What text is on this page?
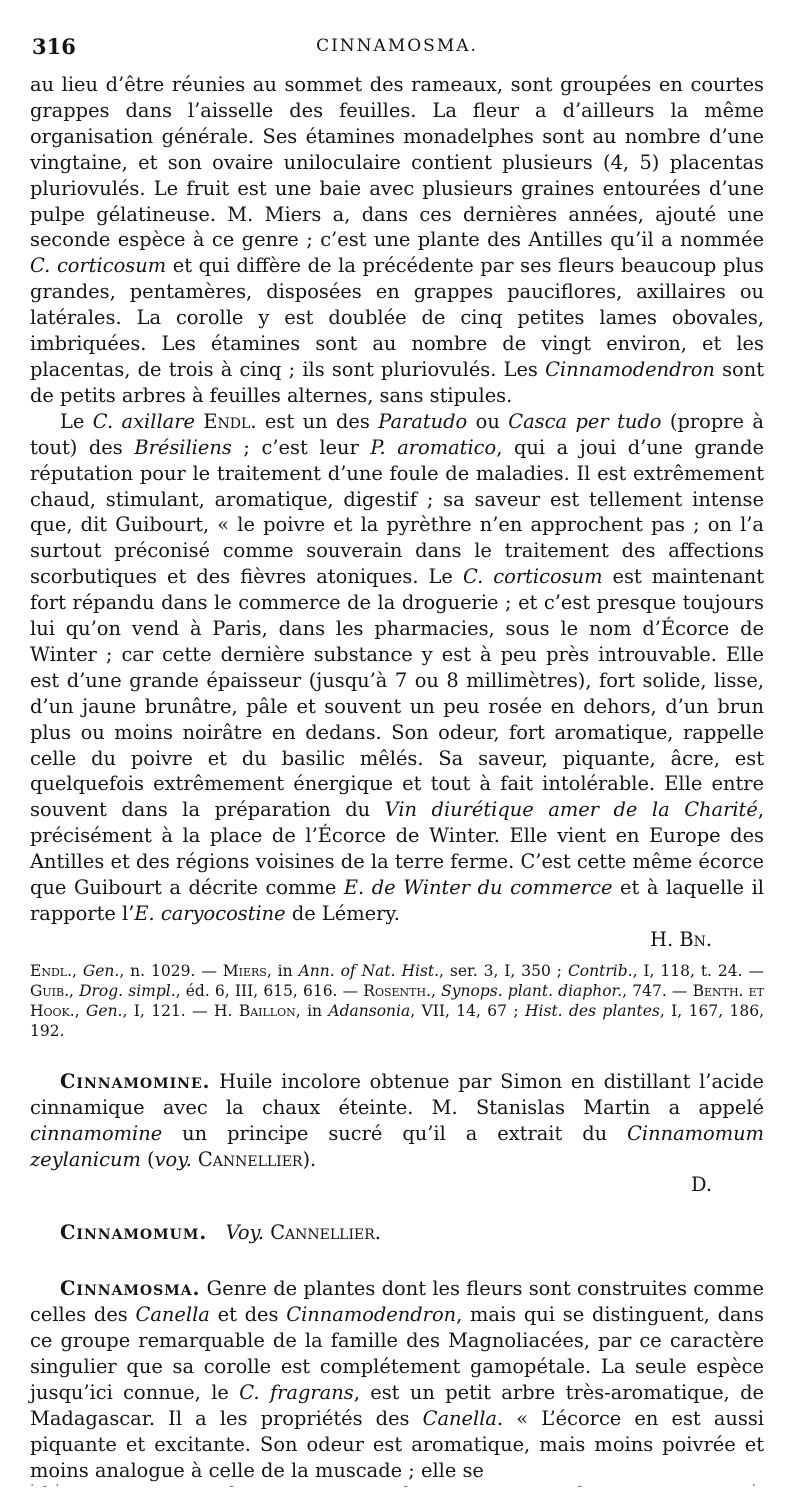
316	CINNAMOSMA.

au lieu d’être réunies au sommet des rameaux, sont groupées en courtes grappes dans l’aisselle des feuilles. La fleur a d’ailleurs la même organisation générale. Ses étamines monadelphes sont au nombre d’une vingtaine, et son ovaire uniloculaire contient plusieurs (4, 5) placentas pluriovulés. Le fruit est une baie avec plusieurs graines entourées d’une pulpe gélatineuse. M. Miers a, dans ces dernières années, ajouté une seconde espèce à ce genre ; c’est une plante des Antilles qu’il a nommée C. corticosum et qui diffère de la précédente par ses fleurs beaucoup plus grandes, pentamères, disposées en grappes pauciflores, axillaires ou latérales. La corolle y est doublée de cinq petites lames obovales, imbriquées. Les étamines sont au nombre de vingt environ, et les placentas, de trois à cinq ; ils sont pluriovulés. Les Cinnamodendron sont de petits arbres à feuilles alternes, sans stipules.

Le C. axillare Endl. est un des Paratudo ou Casca per tudo (propre à tout) des Brésiliens ; c’est leur P. aromatico, qui a joui d’une grande réputation pour le traitement d’une foule de maladies. Il est extrêmement chaud, stimulant, aromatique, digestif ; sa saveur est tellement intense que, dit Guibourt, « le poivre et la pyrèthre n’en approchent pas ; on l’a surtout préconisé comme souverain dans le traitement des affections scorbutiques et des fièvres atoniques. Le C. corticosum est maintenant fort répandu dans le commerce de la droguerie ; et c’est presque toujours lui qu’on vend à Paris, dans les pharmacies, sous le nom d’Écorce de Winter ; car cette dernière substance y est à peu près introuvable. Elle est d’une grande épaisseur (jusqu’à 7 ou 8 millimètres), fort solide, lisse, d’un jaune brunâtre, pâle et souvent un peu rosée en dehors, d’un brun plus ou moins noirâtre en dedans. Son odeur, fort aromatique, rappelle celle du poivre et du basilic mêlés. Sa saveur, piquante, âcre, est quelquefois extrêmement énergique et tout à fait intolérable. Elle entre souvent dans la préparation du Vin diurétique amer de la Charité, précisément à la place de l’Écorce de Winter. Elle vient en Europe des Antilles et des régions voisines de la terre ferme. C’est cette même écorce que Guibourt a décrite comme E. de Winter du commerce et à laquelle il rapporte l’E. caryocostine de Lémery.

H. Bn.
Endl., Gen., n. 1029. — Miers, in Ann. of Nat. Hist., ser. 3, I, 350 ; Contrib., I, 118, t. 24. — Guib., Drog. simpl., éd. 6, III, 615, 616. — Rosenth., Synops. plant. diaphor., 747. — Benth. et Hook., Gen., I, 121. — H. Baillon, in Adansonia, VII, 14, 67 ; Hist. des plantes, I, 167, 186, 192.
Cinnamomine. Huile incolore obtenue par Simon en distillant l’acide cinnamique avec la chaux éteinte. M. Stanislas Martin a appelé cinnamomine un principe sucré qu’il a extrait du Cinnamomum zeylanicum (voy. Cannellier).
D.
Cinnamomum. Voy. Cannellier.
Cinnamosma. Genre de plantes dont les fleurs sont construites comme celles des Canella et des Cinnamodendron, mais qui se distinguent, dans ce groupe remarquable de la famille des Magnoliacées, par ce caractère singulier que sa corolle est complétement gamopétale. La seule espèce jusqu’ici connue, le C. fragrans, est un petit arbre très-aromatique, de Madagascar. Il a les propriétés des Canella. « L’écorce en est aussi piquante et excitante. Son odeur est aromatique, mais moins poivrée et moins analogue à celle de la muscade ; elle se
·-·	-	-	-	·
